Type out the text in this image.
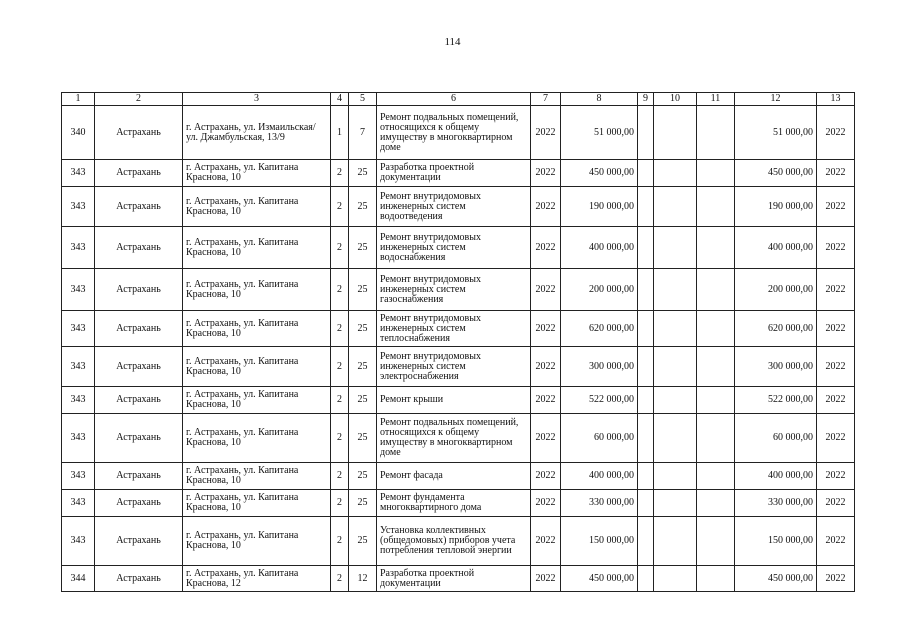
114
1	2	3	4	5	6	7	8	9	10	11	12	13
340	Астрахань	г. Астрахань, ул. Измаильская/ ул. Джамбульская, 13/9	1	7	Ремонт подвальных помещений, относящихся к общему имуществу в многоквартирном доме	2022	51 000,00				51 000,00	2022
343	Астрахань	г. Астрахань, ул. Капитана Краснова, 10	2	25	Разработка проектной документации	2022	450 000,00				450 000,00	2022
343	Астрахань	г. Астрахань, ул. Капитана Краснова, 10	2	25	Ремонт внутридомовых инженерных систем водоотведения	2022	190 000,00				190 000,00	2022
343	Астрахань	г. Астрахань, ул. Капитана Краснова, 10	2	25	Ремонт внутридомовых инженерных систем водоснабжения	2022	400 000,00				400 000,00	2022
343	Астрахань	г. Астрахань, ул. Капитана Краснова, 10	2	25	Ремонт внутридомовых инженерных систем газоснабжения	2022	200 000,00				200 000,00	2022
343	Астрахань	г. Астрахань, ул. Капитана Краснова, 10	2	25	Ремонт внутридомовых инженерных систем теплоснабжения	2022	620 000,00				620 000,00	2022
343	Астрахань	г. Астрахань, ул. Капитана Краснова, 10	2	25	Ремонт внутридомовых инженерных систем электроснабжения	2022	300 000,00				300 000,00	2022
343	Астрахань	г. Астрахань, ул. Капитана Краснова, 10	2	25	Ремонт крыши	2022	522 000,00				522 000,00	2022
343	Астрахань	г. Астрахань, ул. Капитана Краснова, 10	2	25	Ремонт подвальных помещений, относящихся к общему имуществу в многоквартирном доме	2022	60 000,00				60 000,00	2022
343	Астрахань	г. Астрахань, ул. Капитана Краснова, 10	2	25	Ремонт фасада	2022	400 000,00				400 000,00	2022
343	Астрахань	г. Астрахань, ул. Капитана Краснова, 10	2	25	Ремонт фундамента многоквартирного дома	2022	330 000,00				330 000,00	2022
343	Астрахань	г. Астрахань, ул. Капитана Краснова, 10	2	25	Установка коллективных (общедомовых) приборов учета потребления тепловой энергии	2022	150 000,00				150 000,00	2022
344	Астрахань	г. Астрахань, ул. Капитана Краснова, 12	2	12	Разработка проектной документации	2022	450 000,00				450 000,00	2022
